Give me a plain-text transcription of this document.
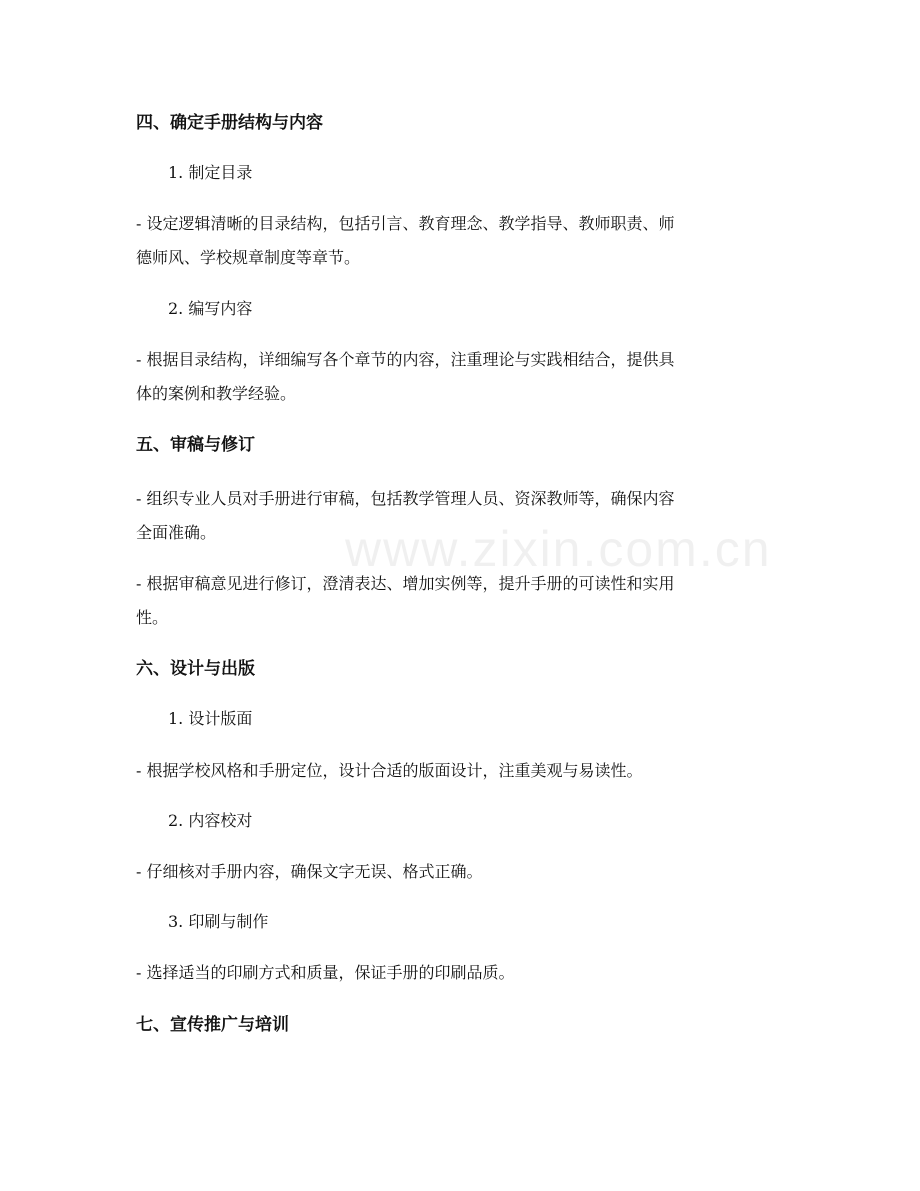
四、确定手册结构与内容
1. 制定目录
- 设定逻辑清晰的目录结构，包括引言、教育理念、教学指导、教师职责、师
德师风、学校规章制度等章节。
2. 编写内容
- 根据目录结构，详细编写各个章节的内容，注重理论与实践相结合，提供具
体的案例和教学经验。
五、审稿与修订
- 组织专业人员对手册进行审稿，包括教学管理人员、资深教师等，确保内容
全面准确。
- 根据审稿意见进行修订，澄清表达、增加实例等，提升手册的可读性和实用
性。
六、设计与出版
1. 设计版面
- 根据学校风格和手册定位，设计合适的版面设计，注重美观与易读性。
2. 内容校对
- 仔细核对手册内容，确保文字无误、格式正确。
3. 印刷与制作
- 选择适当的印刷方式和质量，保证手册的印刷品质。
七、宣传推广与培训
www.zixin.com.cn
